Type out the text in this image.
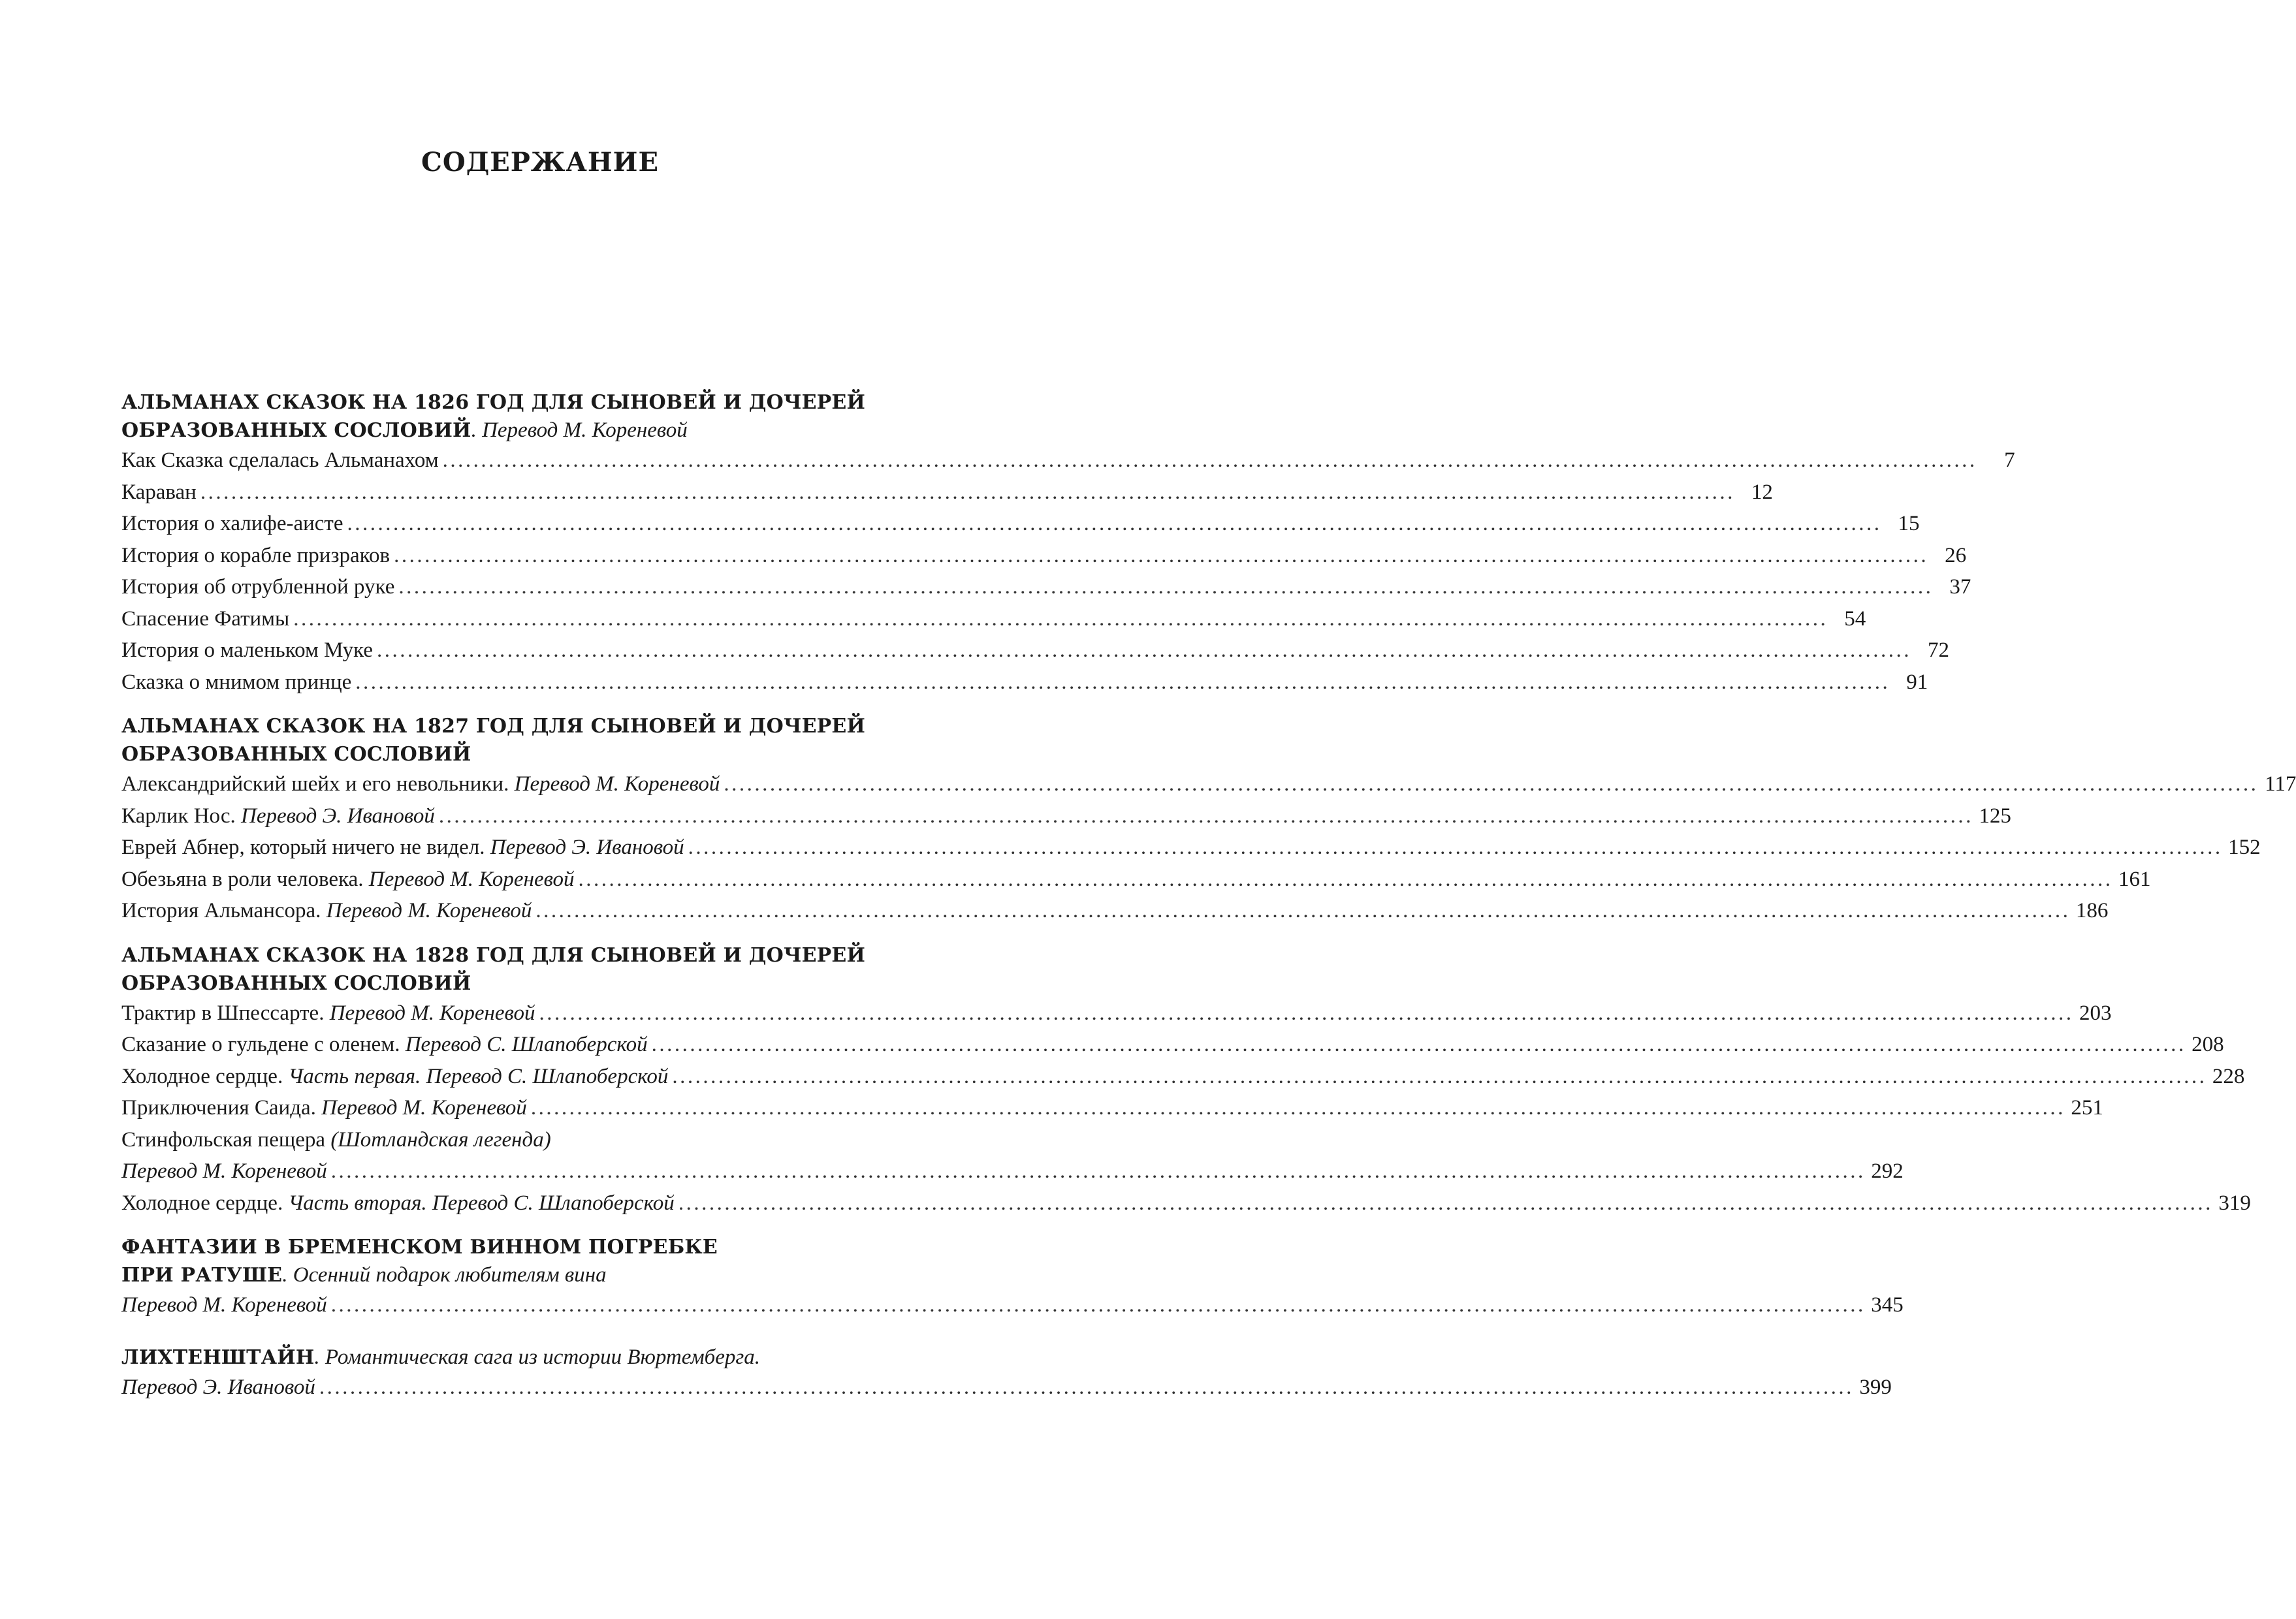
СОДЕРЖАНИЕ
АЛЬМАНАХ СКАЗОК НА 1826 ГОД ДЛЯ СЫНОВЕЙ И ДОЧЕРЕЙ
ОБРАЗОВАННЫХ СОСЛОВИЙ. Перевод М. Кореневой
Как Сказка сделалась Альманахом ........................................................................................................................................................................................................	7
Караван ........................................................................................................................................................................................................ 12
История о халифе-аисте ........................................................................................................................................................................................................ 15
История о корабле призраков ........................................................................................................................................................................................................ 26
История об отрубленной руке ........................................................................................................................................................................................................ 37
Спасение Фатимы ........................................................................................................................................................................................................ 54
История о маленьком Муке ........................................................................................................................................................................................................ 72
Сказка о мнимом принце ........................................................................................................................................................................................................ 91
АЛЬМАНАХ СКАЗОК НА 1827 ГОД ДЛЯ СЫНОВЕЙ И ДОЧЕРЕЙ
ОБРАЗОВАННЫХ СОСЛОВИЙ
Александрийский шейх и его невольники. Перевод М. Кореневой ........................................................................................................................................................................................................ 117
Карлик Нос. Перевод Э. Ивановой ........................................................................................................................................................................................................ 125
Еврей Абнер, который ничего не видел. Перевод Э. Ивановой ........................................................................................................................................................................................................ 152
Обезьяна в роли человека. Перевод М. Кореневой ........................................................................................................................................................................................................ 161
История Альмансора. Перевод М. Кореневой ........................................................................................................................................................................................................ 186
АЛЬМАНАХ СКАЗОК НА 1828 ГОД ДЛЯ СЫНОВЕЙ И ДОЧЕРЕЙ
ОБРАЗОВАННЫХ СОСЛОВИЙ
Трактир в Шпессарте. Перевод М. Кореневой ........................................................................................................................................................................................................ 203
Сказание о гульдене с оленем. Перевод С. Шлапоберской ........................................................................................................................................................................................................ 208
Холодное сердце. Часть первая. Перевод С. Шлапоберской ........................................................................................................................................................................................................ 228
Приключения Саида. Перевод М. Кореневой ........................................................................................................................................................................................................ 251
Стинфольская пещера (Шотландская легенда)
Перевод М. Кореневой ........................................................................................................................................................................................................ 292
Холодное сердце. Часть вторая. Перевод С. Шлапоберской ........................................................................................................................................................................................................ 319
ФАНТАЗИИ В БРЕМЕНСКОМ ВИННОМ ПОГРЕБКЕ
ПРИ РАТУШЕ. Осенний подарок любителям вина
Перевод М. Кореневой ........................................................................................................................................................................................................ 345
ЛИХТЕНШТАЙН. Романтическая сага из истории Вюртемберга.
Перевод Э. Ивановой ........................................................................................................................................................................................................ 399
